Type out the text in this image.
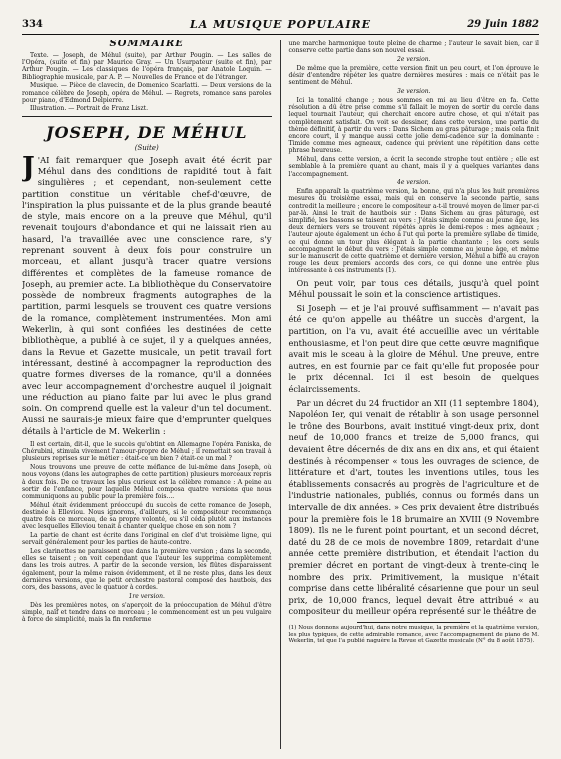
334	LA MUSIQUE POPULAIRE	29 Juin 1882
SOMMAIRE

Texte. — Joseph, de Méhul (suite), par Arthur Pougin. — Les salles de l'Opéra, (suite et fin) par Maurice Gray. — Un Usurpateur (suite et fin), par Arthur Pougin. — Les classiques de l'opéra français, par Anatole Loquin. — Bibliographie musicale, par A. P. — Nouvelles de France et de l'étranger.

Musique. — Pièce de clavecin, de Domenico Scarlatti. — Deux versions de la romance célèbre de Joseph, opéra de Méhul. — Regrets, romance sans paroles pour piano, d'Edmond Delpierre.

Illustration. — Portrait de Franz Liszt.

JOSEPH, DE MÉHUL
(Suite)

J 'AI fait remarquer que Joseph avait été écrit par Méhul dans des conditions de rapidité tout à fait singulières ; et cependant, non-seulement cette partition constitue un véritable chef-d'œuvre, de l'inspiration la plus puissante et de la plus grande beauté de style, mais encore on a la preuve que Méhul, qu'il revenait toujours d'abondance et qui ne laissait rien au hasard, l'a travaillée avec une conscience rare, s'y reprenant souvent à deux fois pour construire un morceau, et allant jusqu'à tracer quatre versions différentes et complètes de la fameuse romance de Joseph, au premier acte. La bibliothèque du Conservatoire possède de nombreux fragments autographes de la partition, parmi lesquels se trouvent ces quatre versions de la romance, complètement instrumentées. Mon ami Wekerlin, à qui sont confiées les destinées de cette bibliothèque, a publié à ce sujet, il y a quelques années, dans la Revue et Gazette musicale, un petit travail fort intéressant, destiné à accompagner la reproduction des quatre formes diverses de la romance, qu'il a données avec leur accompagnement d'orchestre auquel il joignait une réduction au piano faite par lui avec le plus grand soin. On comprend quelle est la valeur d'un tel document. Aussi ne saurais-je mieux faire que d'emprunter quelques détails à l'article de M. Wekerlin :

Il est certain, dit-il, que le succès qu'obtint en Allemagne l'opéra Faniska, de Chérubini, stimula vivement l'amour-propre de Méhul ; il remettait son travail à plusieurs reprises sur le métier : était-ce un bien ? était-ce un mal ?

Nous trouvons une preuve de cette méfiance de lui-même dans Joseph, où nous voyons (dans les autographes de cette partition) plusieurs morceaux repris à deux fois. De ce travaux les plus curieux est la célèbre romance : A peine au sortir de l'enfance, pour laquelle Méhul composa quatre versions que nous communiquons au public pour la première fois....

Méhul était évidemment préoccupé du succès de cette romance de Joseph, destinée à Elleviou. Nous ignorons, d'ailleurs, si le compositeur recommença quatre fois ce morceau, de sa propre volonté, ou s'il céda plutôt aux instances avec lesquelles Elleviou tenait à chanter quelque chose en son nom ?

La partie de chant est écrite dans l'original en clef d'ut troisième ligne, qui servait généralement pour les parties de haute-contre.

Les clarinettes ne paraissent que dans la première version ; dans la seconde, elles se taisent ; on voit cependant que l'auteur les supprima complètement dans les trois autres. A partir de la seconde version, les flûtes disparaissent également, pour la même raison évidemment, et il ne reste plus, dans les deux dernières versions, que le petit orchestre pastoral composé des hautbois, des cors, des bassons, avec le quatuor à cordes.

1re version.

Dès les premières notes, on s'aperçoit de la préoccupation de Méhul d'être simple, naïf et tendre dans ce morceau ; le commencement est un peu vulgaire à force de simplicité, mais la fin renferme

une marche harmonique toute pleine de charme ; l'auteur le savait bien, car il conserve cette partie dans son nouvel essai.

2e version.

De même que la première, cette version finit un peu court, et l'on éprouve le désir d'entendre répéter les quatre dernières mesures : mais ce n'était pas le sentiment de Méhul.

3e version.

Ici la tonalité change ; nous sommes en mi au lieu d'être en fa. Cette résolution a dû être prise comme s'il fallait le moyen de sortir du cercle dans lequel tournait l'auteur, qui cherchait encore autre chose, et qui n'était pas complètement satisfait. On voit se dessiner, dans cette version, une partie du thème définitif, à partir du vers : Dans Sichem au gras pâturage ; mais cela finit encore court, il y manque aussi cette jolie demi-cadence sur la dominante : Timide comme mes agneaux, cadence qui prévient une répétition dans cette phrase heureuse.

Méhul, dans cette version, a écrit la seconde strophe tout entière ; elle est semblable à la première quant au chant, mais il y a quelques variantes dans l'accompagnement.

4e version.

Enfin apparaît la quatrième version, la bonne, qui n'a plus les huit premières mesures du troisième essai, mais qui en conserve la seconde partie, sans contredit la meilleure ; encore le compositeur a-t-il trouvé moyen de limer par-ci par-là. Ainsi le trait de hautbois sur : Dans Sichem au gras pâturage, est simplifié, les bassons se taisent au vers : J'étais simple comme au jeune âge, les deux derniers vers se trouvent répétés après le demi-repos : mes agneaux ; l'auteur ajoute également un écho à l'ut qui porte la première syllabe de timide, ce qui donne un tour plus élégant à la partie chantante ; les cors seuls accompagnent le début du vers : J'étais simple comme au jeune âge, et même sur le manuscrit de cette quatrième et dernière version, Méhul a biffé au crayon rouge les deux premiers accords des cors, ce qui donne une entrée plus intéressante à ces instruments (1).

On peut voir, par tous ces détails, jusqu'à quel point Méhul poussait le soin et la conscience artistiques.

Si Joseph — et je l'ai prouvé suffisamment — n'avait pas été ce qu'on appelle au théâtre un succès d'argent, la partition, on l'a vu, avait été accueillie avec un véritable enthousiasme, et l'on peut dire que cette œuvre magnifique avait mis le sceau à la gloire de Méhul. Une preuve, entre autres, en est fournie par ce fait qu'elle fut proposée pour le prix décennal. Ici il est besoin de quelques éclaircissements.

Par un décret du 24 fructidor an XII (11 septembre 1804), Napoléon Ier, qui venait de rétablir à son usage personnel le trône des Bourbons, avait institué vingt-deux prix, dont neuf de 10,000 francs et treize de 5,000 francs, qui devaient être décernés de dix ans en dix ans, et qui étaient destinés à récompenser « tous les ouvrages de science, de littérature et d'art, toutes les inventions utiles, tous les établissements consacrés au progrès de l'agriculture et de l'industrie nationales, publiés, connus ou formés dans un intervalle de dix années. » Ces prix devaient être distribués pour la première fois le 18 brumaire an XVIII (9 Novembre 1809). Ils ne le furent point pourtant, et un second décret, daté du 28 de ce mois de novembre 1809, retardait d'une année cette première distribution, et étendait l'action du premier décret en portant de vingt-deux à trente-cinq le nombre des prix. Primitivement, la musique n'était comprise dans cette libéralité césarienne que pour un seul prix, de 10,000 francs, lequel devait être attribué « au compositeur du meilleur opéra représenté sur le théâtre de

(1) Nous donnons aujourd'hui, dans notre musique, la première et la quatrième version, les plus typiques, de cette admirable romance, avec l'accompagnement de piano de M. Wekerlin, tel que l'a publié naguère la Revue et Gazette musicale (N° du 8 août 1875).
